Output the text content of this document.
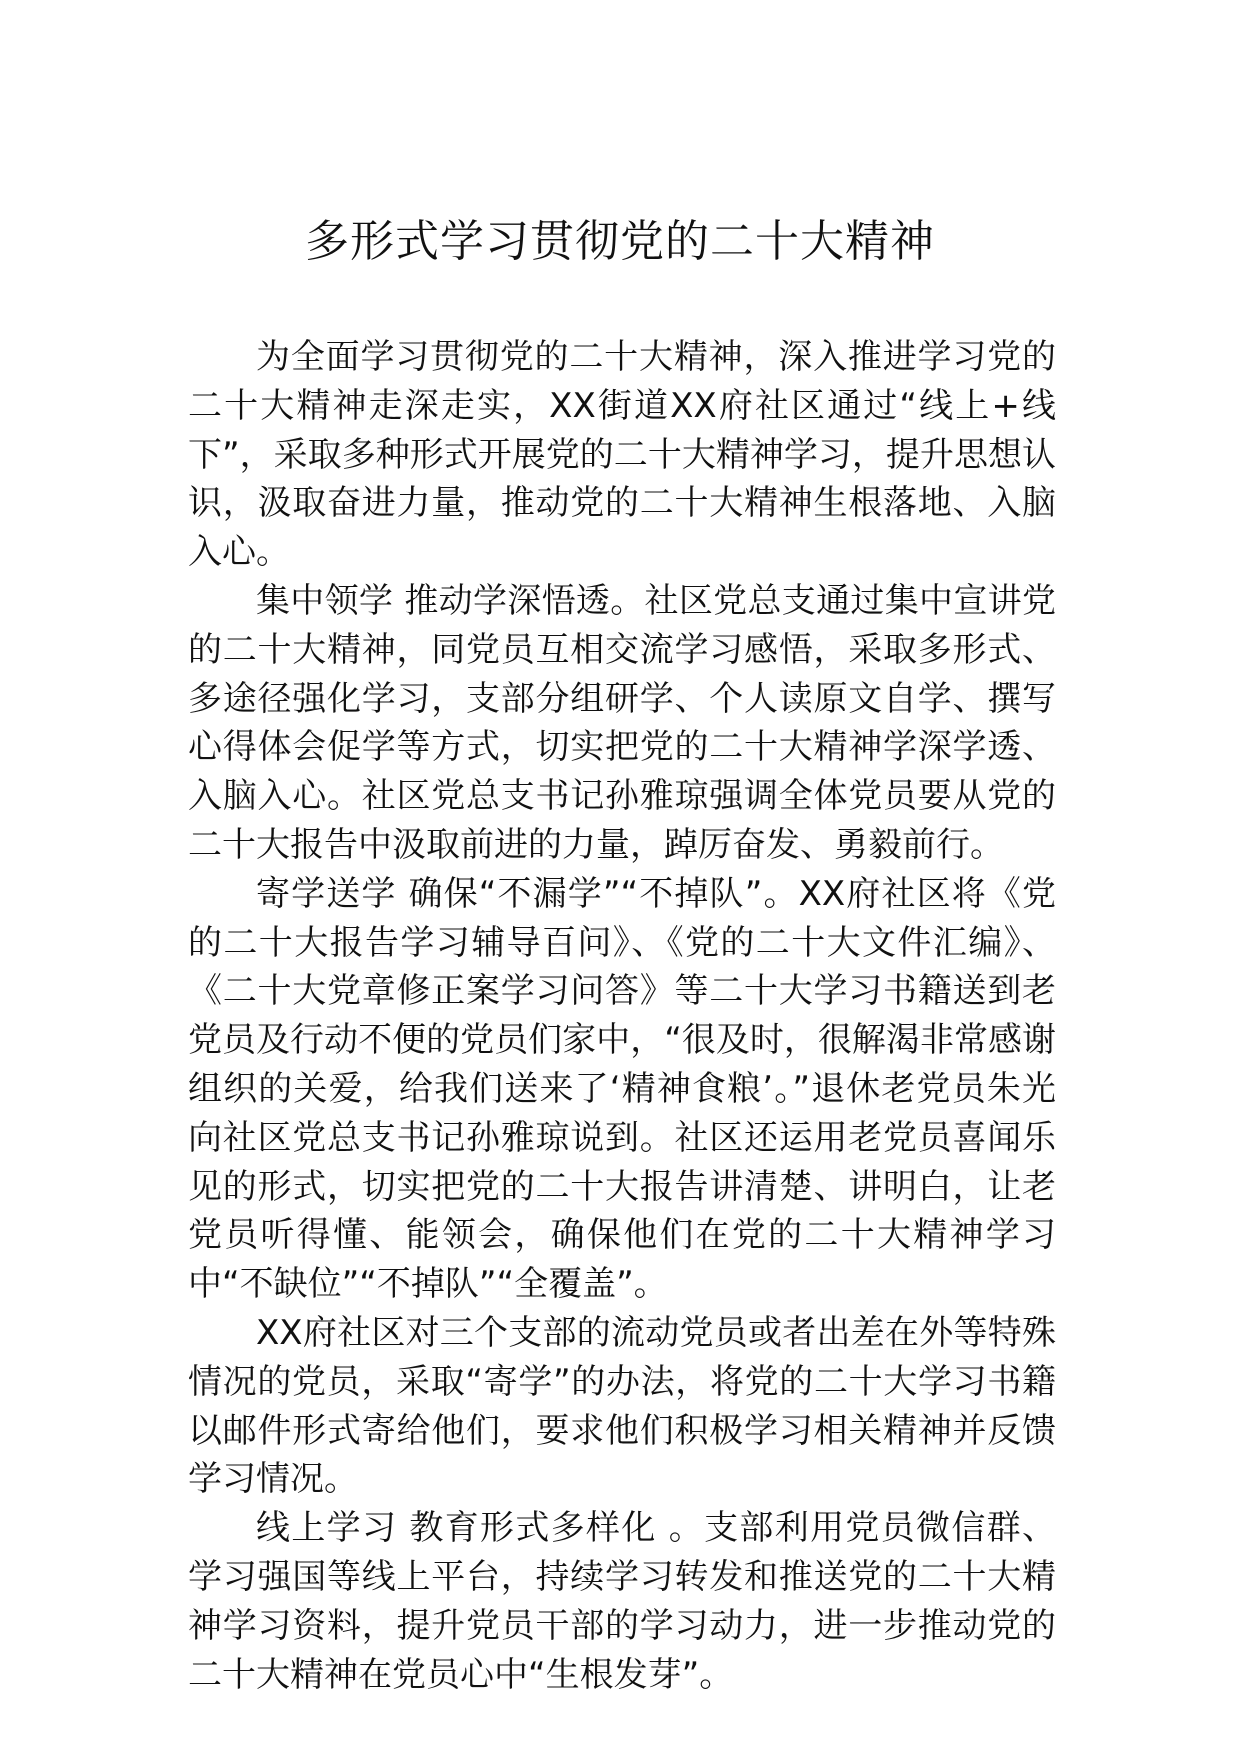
多形式学习贯彻党的二十大精神

为全面学习贯彻党的二十大精神，深入推进学习党的二十大精神走深走实，XX街道XX府社区通过“线上+线下”，采取多种形式开展党的二十大精神学习，提升思想认识，汲取奋进力量，推动党的二十大精神生根落地、入脑入心。

集中领学 推动学深悟透。社区党总支通过集中宣讲党的二十大精神，同党员互相交流学习感悟，采取多形式、多途径强化学习，支部分组研学、个人读原文自学、撰写心得体会促学等方式，切实把党的二十大精神学深学透、入脑入心。社区党总支书记孙雅琼强调全体党员要从党的二十大报告中汲取前进的力量，踔厉奋发、勇毅前行。

寄学送学 确保“不漏学”“不掉队”。XX府社区将《党的二十大报告学习辅导百问》、《党的二十大文件汇编》、《二十大党章修正案学习问答》等二十大学习书籍送到老党员及行动不便的党员们家中，“很及时，很解渴非常感谢组织的关爱，给我们送来了‘精神食粮’。”退休老党员朱光向社区党总支书记孙雅琼说到。社区还运用老党员喜闻乐见的形式，切实把党的二十大报告讲清楚、讲明白，让老党员听得懂、能领会，确保他们在党的二十大精神学习中“不缺位”“不掉队”“全覆盖”。

XX府社区对三个支部的流动党员或者出差在外等特殊情况的党员，采取“寄学”的办法，将党的二十大学习书籍以邮件形式寄给他们，要求他们积极学习相关精神并反馈学习情况。

线上学习 教育形式多样化 。支部利用党员微信群、学习强国等线上平台，持续学习转发和推送党的二十大精神学习资料，提升党员干部的学习动力，进一步推动党的二十大精神在党员心中“生根发芽”。
